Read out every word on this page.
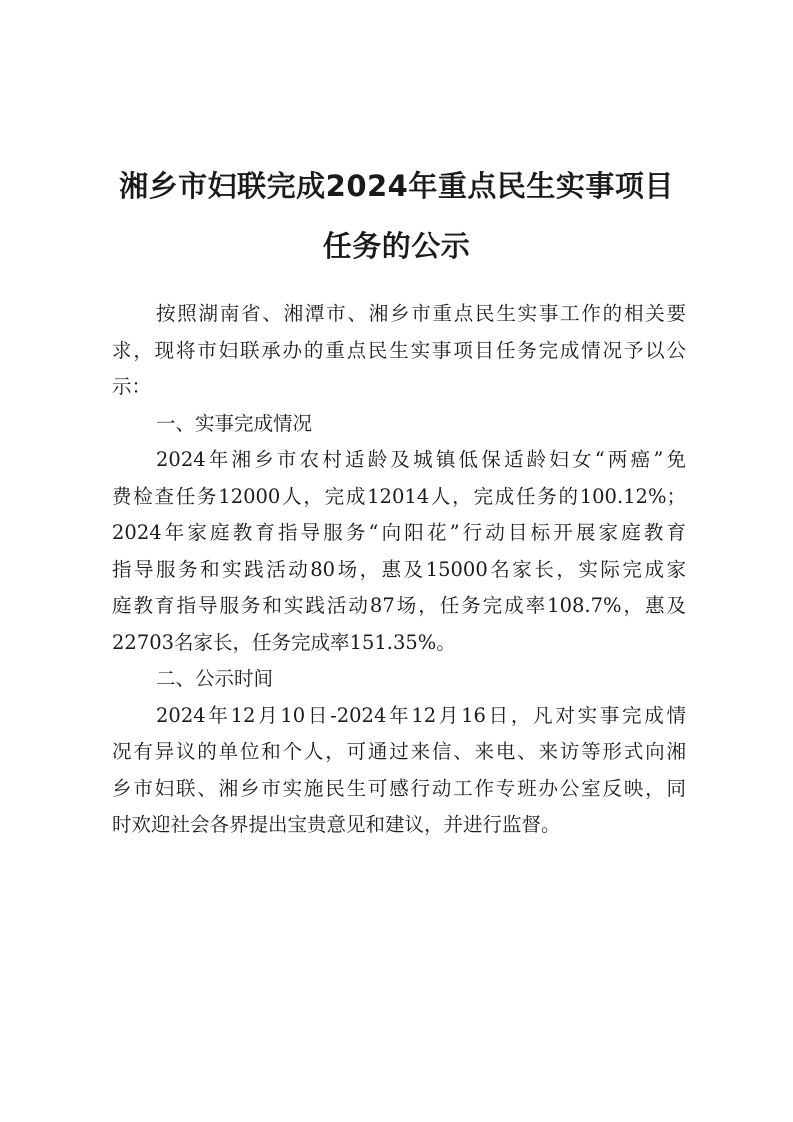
湘乡市妇联完成2024年重点民生实事项目
任务的公示
按照湖南省、湘潭市、湘乡市重点民生实事工作的相关要
求，现将市妇联承办的重点民生实事项目任务完成情况予以公
示：
一、实事完成情况
2024年湘乡市农村适龄及城镇低保适龄妇女“两癌”免
费检查任务12000人，完成12014人，完成任务的100.12%；
2024年家庭教育指导服务“向阳花”行动目标开展家庭教育
指导服务和实践活动80场，惠及15000名家长，实际完成家
庭教育指导服务和实践活动87场，任务完成率108.7%，惠及
22703名家长，任务完成率151.35%。
二、公示时间
2024年12月10日-2024年12月16日，凡对实事完成情
况有异议的单位和个人，可通过来信、来电、来访等形式向湘
乡市妇联、湘乡市实施民生可感行动工作专班办公室反映，同
时欢迎社会各界提出宝贵意见和建议，并进行监督。
